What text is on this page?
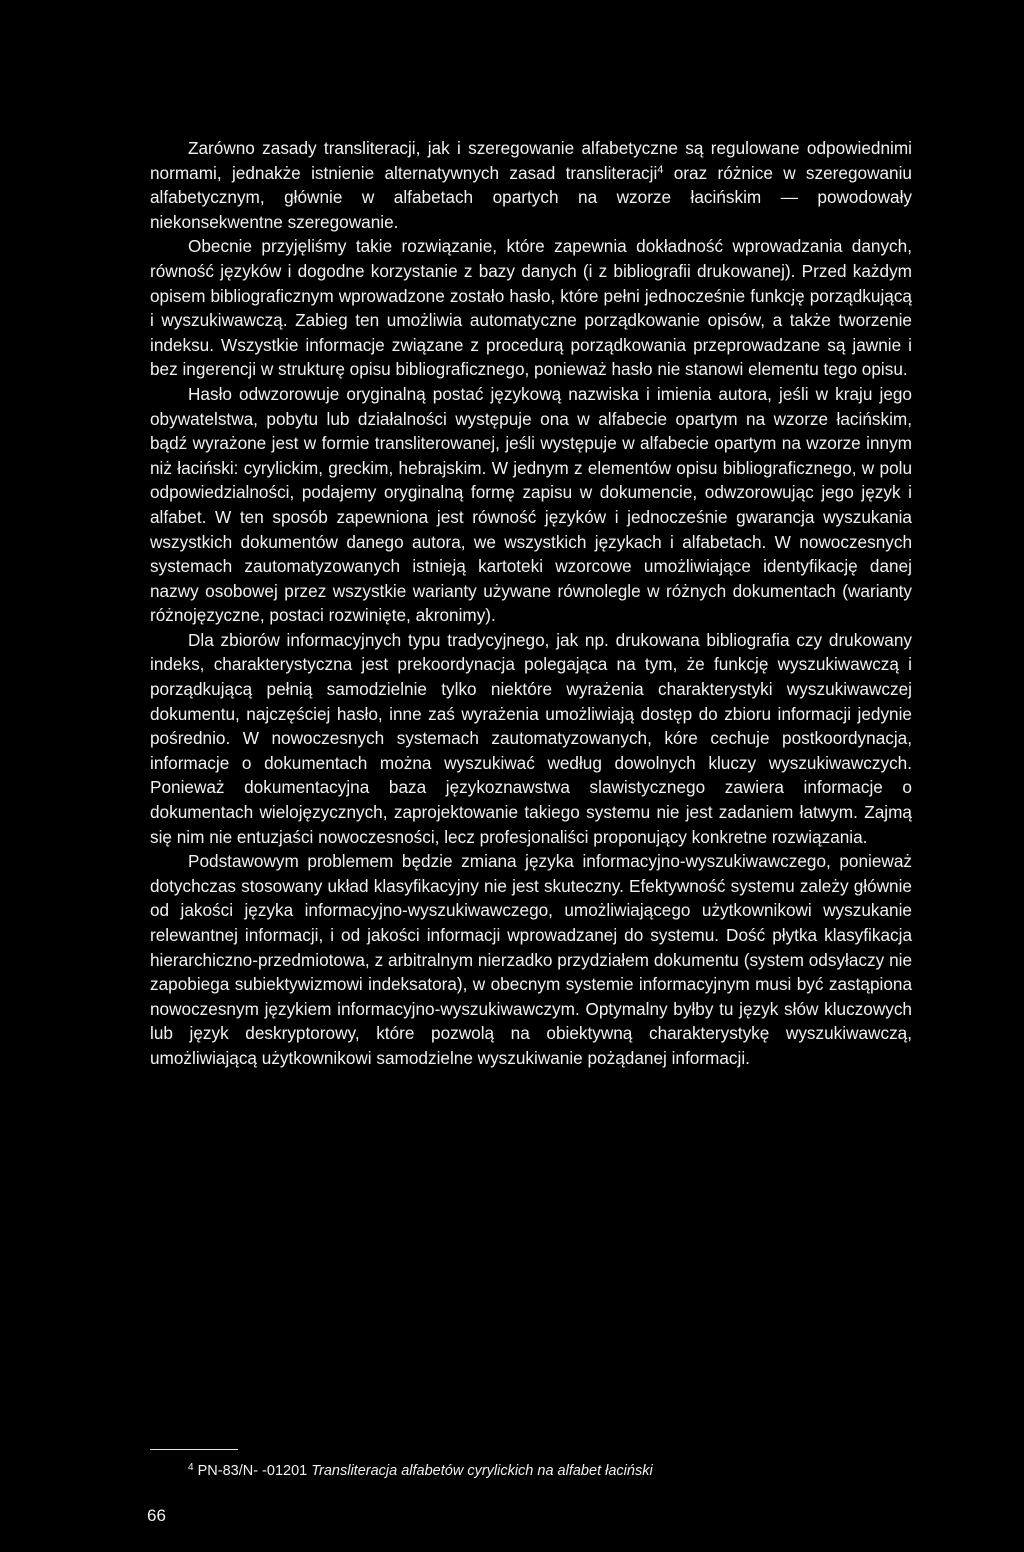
Zarówno zasady transliteracji, jak i szeregowanie alfabetyczne są regulowane odpowiednimi normami, jednakże istnienie alternatywnych zasad transliteracji$^4$ oraz różnice w szeregowaniu alfabetycznym, głównie w alfabetach opartych na wzorze łacińskim — powodowały niekonsekwentne szeregowanie.

Obecnie przyjęliśmy takie rozwiązanie, które zapewnia dokładność wprowadzania danych, równość języków i dogodne korzystanie z bazy danych (i z bibliografii drukowanej). Przed każdym opisem bibliograficznym wprowadzone zostało hasło, które pełni jednocześnie funkcję porządkującą i wyszukiwawczą. Zabieg ten umożliwia automatyczne porządkowanie opisów, a także tworzenie indeksu. Wszystkie informacje związane z procedurą porządkowania przeprowadzane są jawnie i bez ingerencji w strukturę opisu bibliograficznego, ponieważ hasło nie stanowi elementu tego opisu.

Hasło odwzorowuje oryginalną postać językową nazwiska i imienia autora, jeśli w kraju jego obywatelstwa, pobytu lub działalności występuje ona w alfabecie opartym na wzorze łacińskim, bądź wyrażone jest w formie transliterowanej, jeśli występuje w alfabecie opartym na wzorze innym niż łaciński: cyrylickim, greckim, hebrajskim. W jednym z elementów opisu bibliograficznego, w polu odpowiedzialności, podajemy oryginalną formę zapisu w dokumencie, odwzorowując jego język i alfabet. W ten sposób zapewniona jest równość języków i jednocześnie gwarancja wyszukania wszystkich dokumentów danego autora, we wszystkich językach i alfabetach. W nowoczesnych systemach zautomatyzowanych istnieją kartoteki wzorcowe umożliwiające identyfikację danej nazwy osobowej przez wszystkie warianty używane równolegle w różnych dokumentach (warianty różnojęzyczne, postaci rozwinięte, akronimy).

Dla zbiorów informacyjnych typu tradycyjnego, jak np. drukowana bibliografia czy drukowany indeks, charakterystyczna jest prekoordynacja polegająca na tym, że funkcję wyszukiwawczą i porządkującą pełnią samodzielnie tylko niektóre wyrażenia charakterystyki wyszukiwawczej dokumentu, najczęściej hasło, inne zaś wyrażenia umożliwiają dostęp do zbioru informacji jedynie pośrednio. W nowoczesnych systemach zautomatyzowanych, kóre cechuje postkoordynacja, informacje o dokumentach można wyszukiwać według dowolnych kluczy wyszukiwawczych. Ponieważ dokumentacyjna baza językoznawstwa slawistycznego zawiera informacje o dokumentach wielojęzycznych, zaprojektowanie takiego systemu nie jest zadaniem łatwym. Zajmą się nim nie entuzjaści nowoczesności, lecz profesjonaliści proponujący konkretne rozwiązania.

Podstawowym problemem będzie zmiana języka informacyjno-wyszukiwawczego, ponieważ dotychczas stosowany układ klasyfikacyjny nie jest skuteczny. Efektywność systemu zależy głównie od jakości języka informacyjno-wyszukiwawczego, umożliwiającego użytkownikowi wyszukanie relewantnej informacji, i od jakości informacji wprowadzanej do systemu. Dość płytka klasyfikacja hierarchiczno-przedmiotowa, z arbitralnym nierzadko przydziałem dokumentu (system odsyłaczy nie zapobiega subiektywizmowi indeksatora), w obecnym systemie informacyjnym musi być zastąpiona nowoczesnym językiem informacyjno-wyszukiwawczym. Optymalny byłby tu język słów kluczowych lub język deskryptorowy, które pozwolą na obiektywną charakterystykę wyszukiwawczą, umożliwiającą użytkownikowi samodzielne wyszukiwanie pożądanej informacji.

$^4$ PN-83/N- -01201 Transliteracja alfabetów cyrylickich na alfabet łaciński
66
